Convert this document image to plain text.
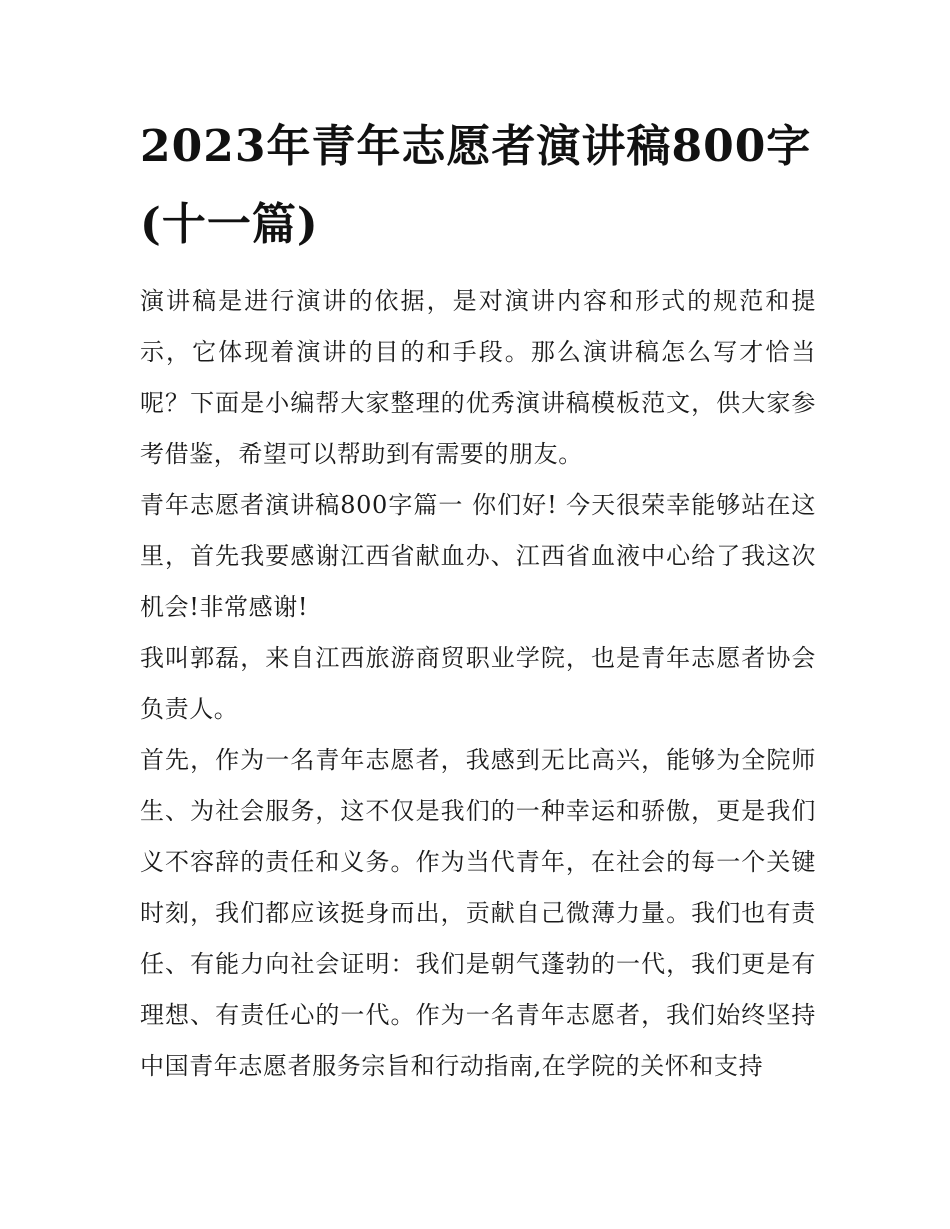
2023年青年志愿者演讲稿800字(十一篇)

演讲稿是进行演讲的依据，是对演讲内容和形式的规范和提示，它体现着演讲的目的和手段。那么演讲稿怎么写才恰当呢？下面是小编帮大家整理的优秀演讲稿模板范文，供大家参考借鉴，希望可以帮助到有需要的朋友。

青年志愿者演讲稿800字篇一 你们好! 今天很荣幸能够站在这里，首先我要感谢江西省献血办、江西省血液中心给了我这次机会!非常感谢!

我叫郭磊，来自江西旅游商贸职业学院，也是青年志愿者协会负责人。

首先，作为一名青年志愿者，我感到无比高兴，能够为全院师生、为社会服务，这不仅是我们的一种幸运和骄傲，更是我们义不容辞的责任和义务。作为当代青年，在社会的每一个关键时刻，我们都应该挺身而出，贡献自己微薄力量。我们也有责任、有能力向社会证明：我们是朝气蓬勃的一代，我们更是有理想、有责任心的一代。作为一名青年志愿者，我们始终坚持中国青年志愿者服务宗旨和行动指南,在学院的关怀和支持
